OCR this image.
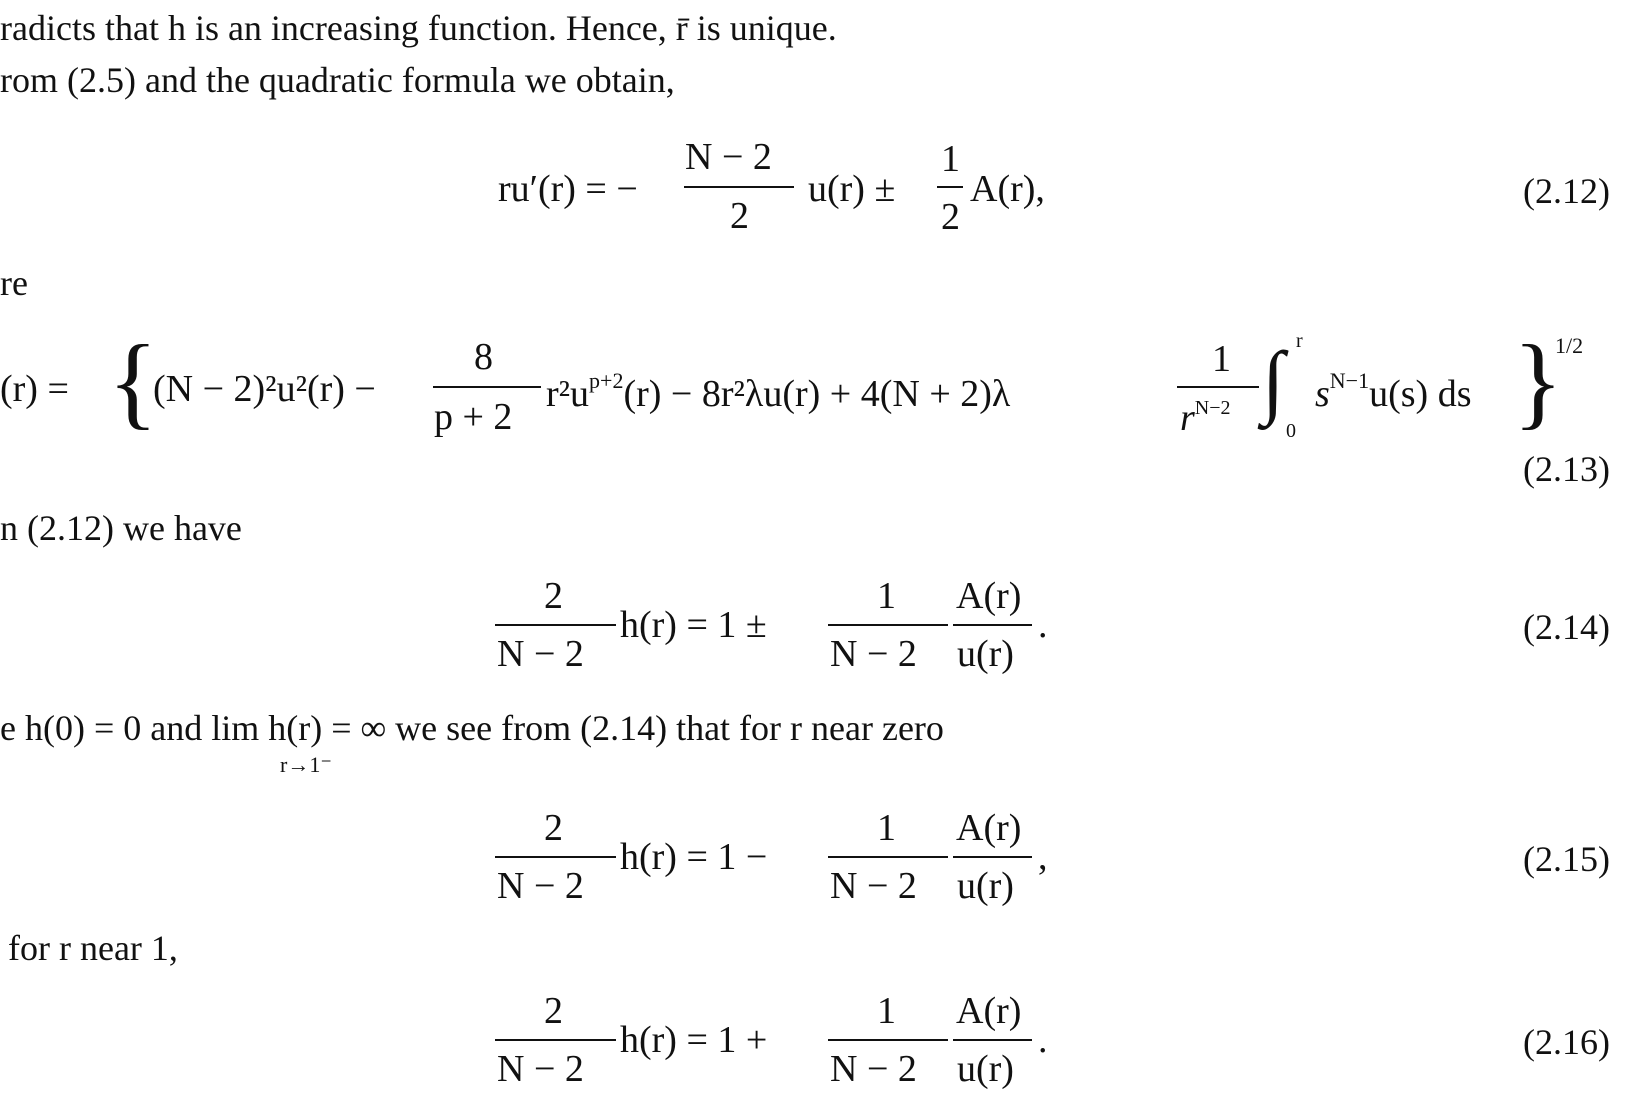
radicts that h is an increasing function. Hence, r̄ is unique.
rom (2.5) and the quadratic formula we obtain,
ru′(r) = −
N − 2
2
u(r) ±
1
2
A(r),	(2.12)
re
(r) = {
(N − 2)²u²(r) −
8
p + 2
$r^2u^{p+2}(r) - 8r^2\lambda u(r) + 4(N + 2)\lambda$
1
$r^{N-2}$ ∫ r
0
$s^{N-1}u(s)$ ds }
1/2
(2.13)
n (2.12) we have
2
N − 2
h(r) = 1 ±
1
N − 2
A(r)
u(r)
.	(2.14)
e h(0) = 0 and lim h(r) = ∞ we see from (2.14) that for r near zero
r→1⁻
2
N − 2
h(r) = 1 −
1
N − 2
A(r)
u(r)
,	(2.15)
for r near 1,
2
N − 2
h(r) = 1 +
1
N − 2
A(r)
u(r)
.	(2.16)
